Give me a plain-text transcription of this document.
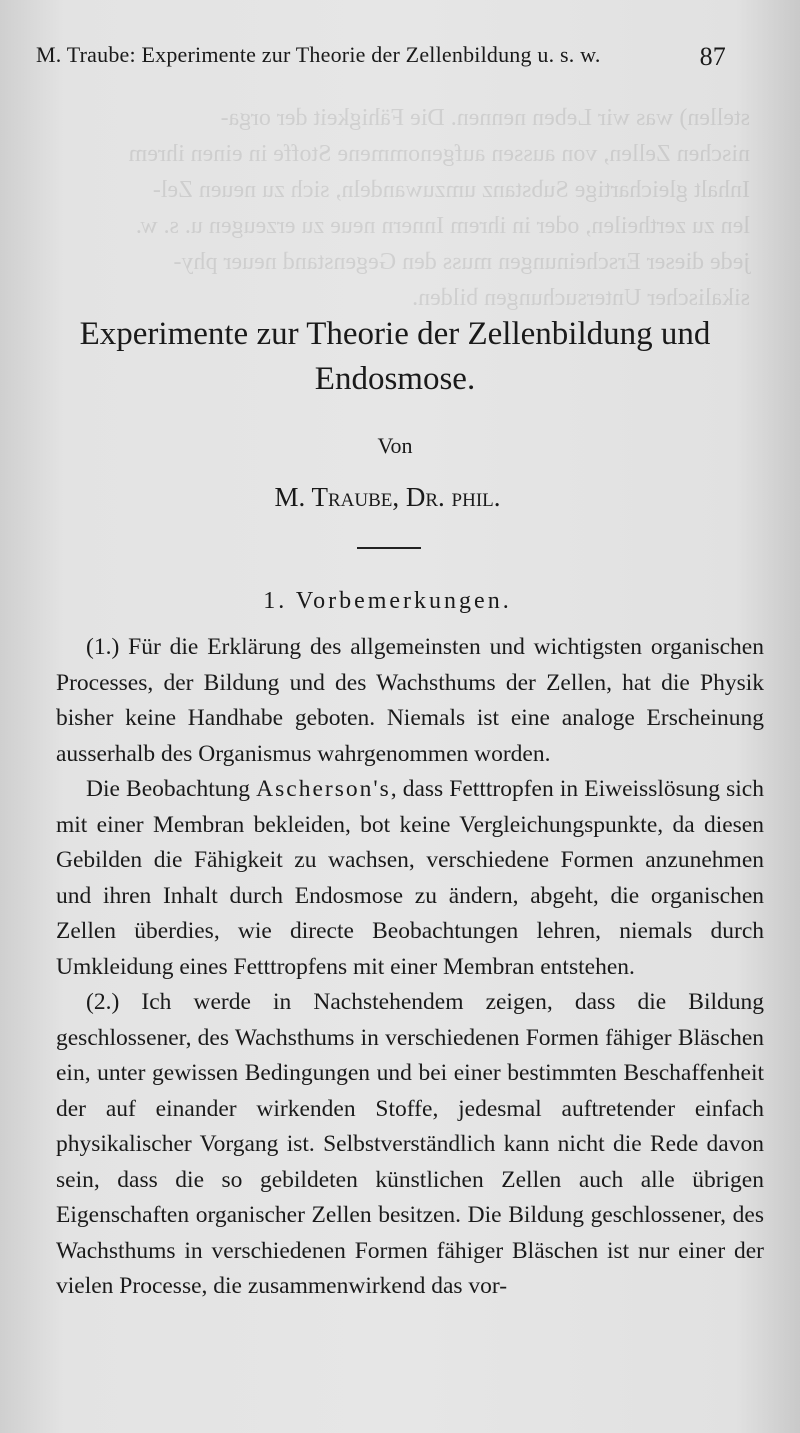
stellen) was wir Leben nennen. Die Fähigkeit der orga-
nischen Zellen, von aussen aufgenommene Stoffe in einen ihrem
Inhalt gleichartige Substanz umzuwandeln, sich zu neuen Zel-
len zu zertheilen, oder in ihrem Innern neue zu erzeugen u. s. w.
jede dieser Erscheinungen muss den Gegenstand neuer phy-
sikalischer Untersuchungen bilden.
M. Traube: Experimente zur Theorie der Zellenbildung u. s. w.	87
Experimente zur Theorie der Zellenbildung und Endosmose.
Von
M. Traube, Dr. phil.
1. Vorbemerkungen.

(1.) Für die Erklärung des allgemeinsten und wichtigsten organischen Processes, der Bildung und des Wachsthums der Zellen, hat die Physik bisher keine Handhabe geboten. Niemals ist eine analoge Erscheinung ausserhalb des Organismus wahrgenommen worden.

Die Beobachtung Ascherson's, dass Fetttropfen in Eiweisslösung sich mit einer Membran bekleiden, bot keine Vergleichungspunkte, da diesen Gebilden die Fähigkeit zu wachsen, verschiedene Formen anzunehmen und ihren Inhalt durch Endosmose zu ändern, abgeht, die organischen Zellen überdies, wie directe Beobachtungen lehren, niemals durch Umkleidung eines Fetttropfens mit einer Membran entstehen.

(2.) Ich werde in Nachstehendem zeigen, dass die Bildung geschlossener, des Wachsthums in verschiedenen Formen fähiger Bläschen ein, unter gewissen Bedingungen und bei einer bestimmten Beschaffenheit der auf einander wirkenden Stoffe, jedesmal auftretender einfach physikalischer Vorgang ist. Selbstverständlich kann nicht die Rede davon sein, dass die so gebildeten künstlichen Zellen auch alle übrigen Eigenschaften organischer Zellen besitzen. Die Bildung geschlossener, des Wachsthums in verschiedenen Formen fähiger Bläschen ist nur einer der vielen Processe, die zusammenwirkend das vor-
